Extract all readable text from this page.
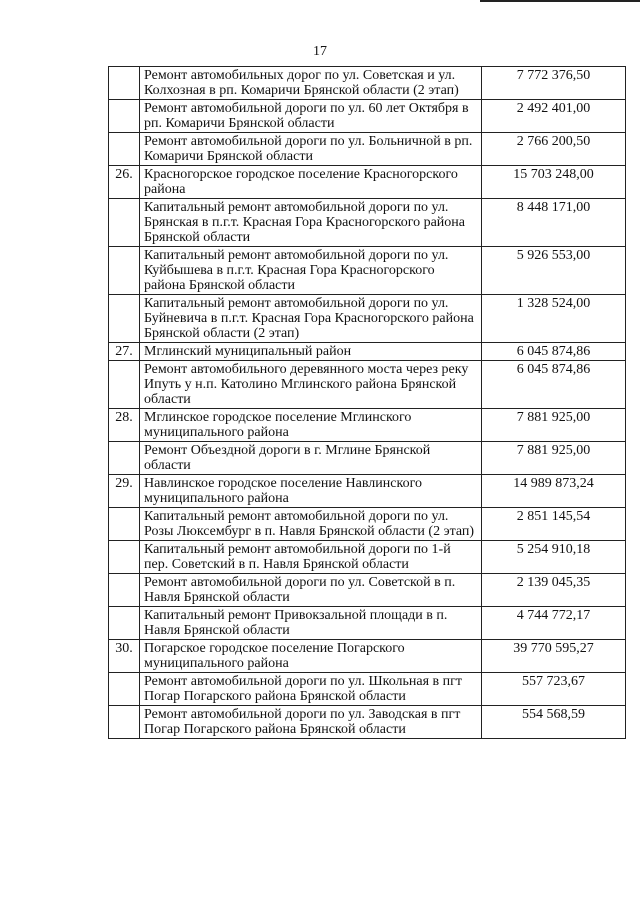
17
	Ремонт автомобильных дорог по ул. Советская и ул. Колхозная в рп. Комаричи Брянской области (2 этап)	7 772 376,50
	Ремонт автомобильной дороги по ул. 60 лет Октября в рп. Комаричи Брянской области	2 492 401,00
	Ремонт автомобильной дороги по ул. Больничной в рп. Комаричи Брянской области	2 766 200,50
26.	Красногорское городское поселение Красногорского района	15 703 248,00
	Капитальный ремонт автомобильной дороги по ул. Брянская в п.г.т. Красная Гора Красногорского района Брянской области	8 448 171,00
	Капитальный ремонт автомобильной дороги по ул. Куйбышева в п.г.т. Красная Гора Красногорского района Брянской области	5 926 553,00
	Капитальный ремонт автомобильной дороги по ул. Буйневича в п.г.т. Красная Гора Красногорского района Брянской области (2 этап)	1 328 524,00
27.	Мглинский муниципальный район	6 045 874,86
	Ремонт автомобильного деревянного моста через реку Ипуть у н.п. Католино Мглинского района Брянской области	6 045 874,86
28.	Мглинское городское поселение Мглинского муниципального района	7 881 925,00
	Ремонт Объездной дороги в г. Мглине Брянской области	7 881 925,00
29.	Навлинское городское поселение Навлинского муниципального района	14 989 873,24
	Капитальный ремонт автомобильной дороги по ул. Розы Люксембург в п. Навля Брянской области (2 этап)	2 851 145,54
	Капитальный ремонт автомобильной дороги по 1-й пер. Советский в п. Навля Брянской области	5 254 910,18
	Ремонт автомобильной дороги по ул. Советской в п. Навля Брянской области	2 139 045,35
	Капитальный ремонт Привокзальной площади в п. Навля Брянской области	4 744 772,17
30.	Погарское городское поселение Погарского муниципального района	39 770 595,27
	Ремонт автомобильной дороги по ул. Школьная в пгт Погар Погарского района Брянской области	557 723,67
	Ремонт автомобильной дороги по ул. Заводская в пгт Погар Погарского района Брянской области	554 568,59
